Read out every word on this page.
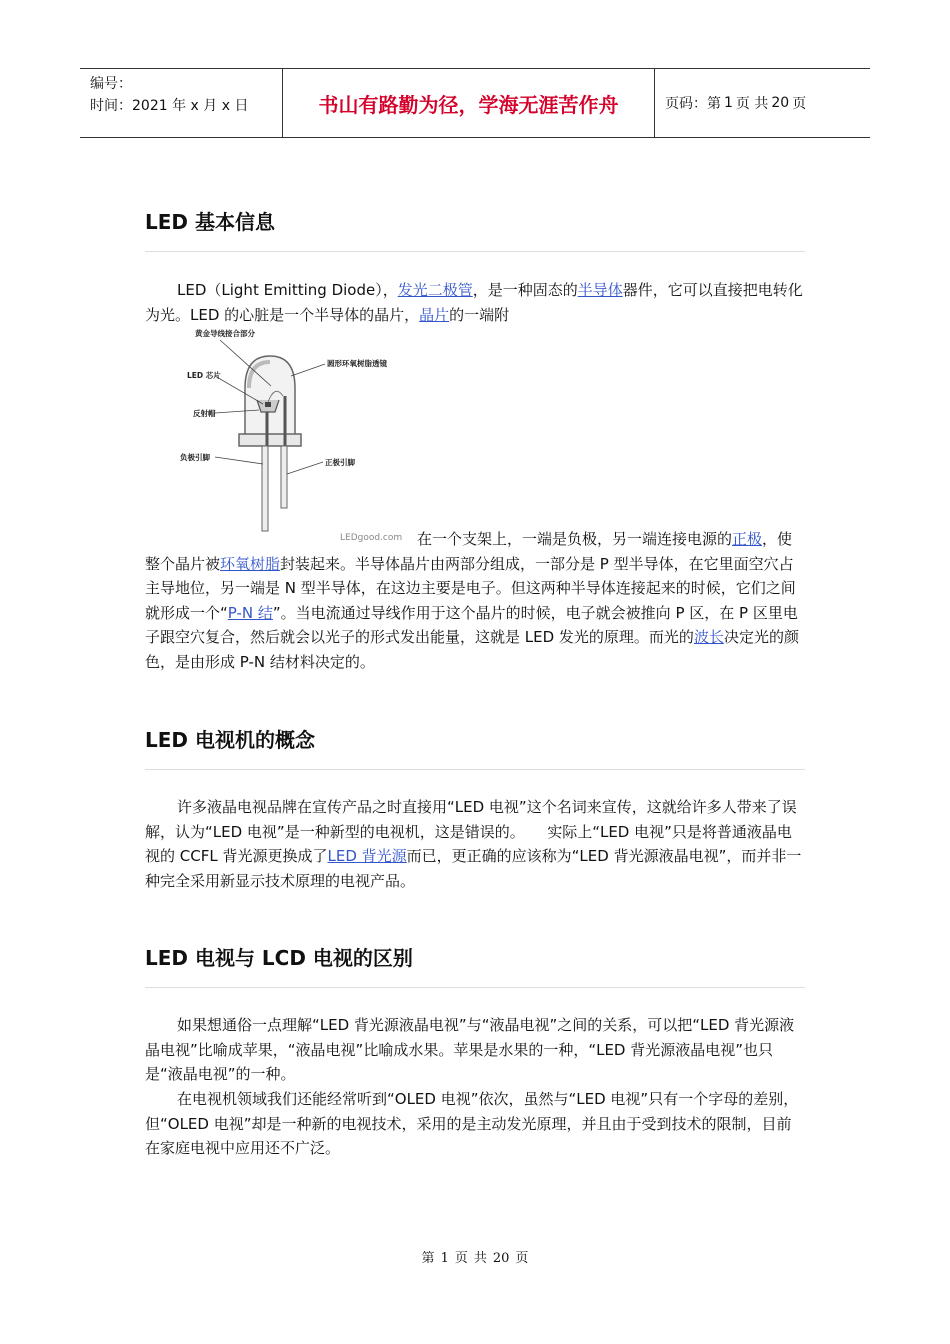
编号：
时间：2021 年 x 月 x 日	书山有路勤为径，学海无涯苦作舟	页码：第 1 页 共 20 页
LED 基本信息

LED（Light Emitting Diode），发光二极管，是一种固态的半导体器件，它可以直接把电转化为光。LED 的心脏是一个半导体的晶片，晶片的一端附

黄金导线接合部分
LED 芯片
圆形环氧树脂透镜
反射帽
负极引脚
正极引脚
LEDgood.com 在一个支架上，一端是负极，另一端连接电源的正极，使整个晶片被环氧树脂封装起来。半导体晶片由两部分组成，一部分是 P 型半导体，在它里面空穴占主导地位，另一端是 N 型半导体，在这边主要是电子。但这两种半导体连接起来的时候，它们之间就形成一个“P-N 结”。当电流通过导线作用于这个晶片的时候，电子就会被推向 P 区，在 P 区里电子跟空穴复合，然后就会以光子的形式发出能量，这就是 LED 发光的原理。而光的波长决定光的颜色，是由形成 P-N 结材料决定的。

LED 电视机的概念

许多液晶电视品牌在宣传产品之时直接用“LED 电视”这个名词来宣传，这就给许多人带来了误解，认为“LED 电视”是一种新型的电视机，这是错误的。　　实际上“LED 电视”只是将普通液晶电视的 CCFL 背光源更换成了LED 背光源而已，更正确的应该称为“LED 背光源液晶电视”，而并非一种完全采用新显示技术原理的电视产品。

LED 电视与 LCD 电视的区别

如果想通俗一点理解“LED 背光源液晶电视”与“液晶电视”之间的关系，可以把“LED 背光源液晶电视”比喻成苹果，“液晶电视”比喻成水果。苹果是水果的一种，“LED 背光源液晶电视”也只是“液晶电视”的一种。

在电视机领域我们还能经常听到“OLED 电视”依次，虽然与“LED 电视”只有一个字母的差别，但“OLED 电视”却是一种新的电视技术，采用的是主动发光原理，并且由于受到技术的限制，目前在家庭电视中应用还不广泛。

第 1 页 共 20 页
